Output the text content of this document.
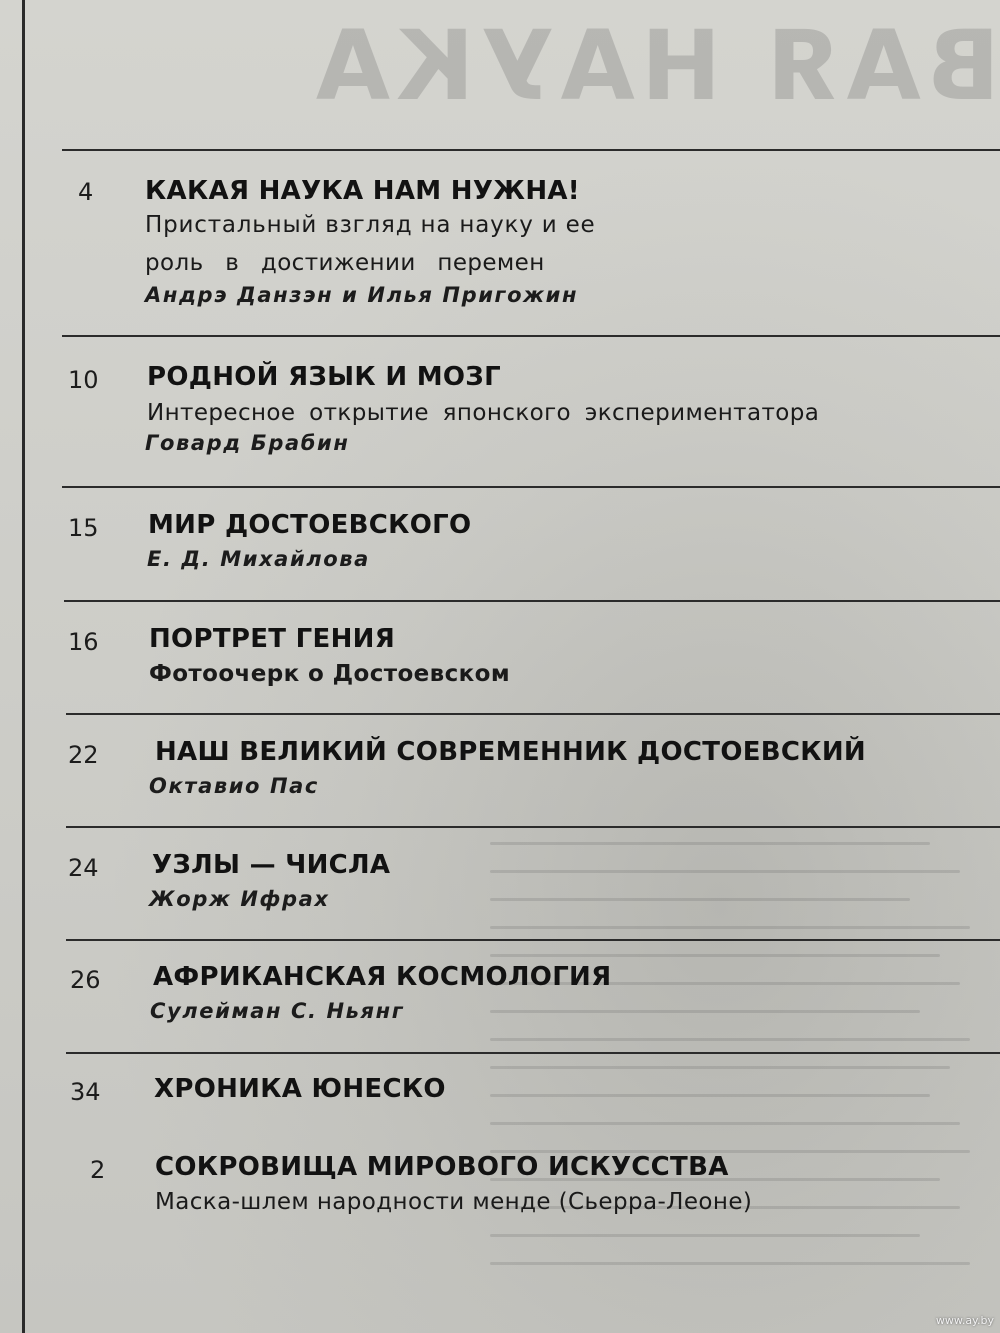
ВАЯ НАУКА
4 КАКАЯ НАУКА НАМ НУЖНА!
Пристальный взгляд на науку и ее
роль в достижении перемен
Андрэ Данзэн и Илья Пригожин
10 РОДНОЙ ЯЗЫК И МОЗГ
Интересное открытие японского экспериментатора
Говард Брабин
15 МИР ДОСТОЕВСКОГО
Е. Д. Михайлова
16 ПОРТРЕТ ГЕНИЯ
Фотоочерк о Достоевском
22 НАШ ВЕЛИКИЙ СОВРЕМЕННИК ДОСТОЕВСКИЙ
Октавио Пас
24 УЗЛЫ — ЧИСЛА
Жорж Ифрах
26 АФРИКАНСКАЯ КОСМОЛОГИЯ
Сулейман С. Ньянг
34 ХРОНИКА ЮНЕСКО
2 СОКРОВИЩА МИРОВОГО ИСКУССТВА
Маска-шлем народности менде (Сьерра-Леоне)
www.ay.by
